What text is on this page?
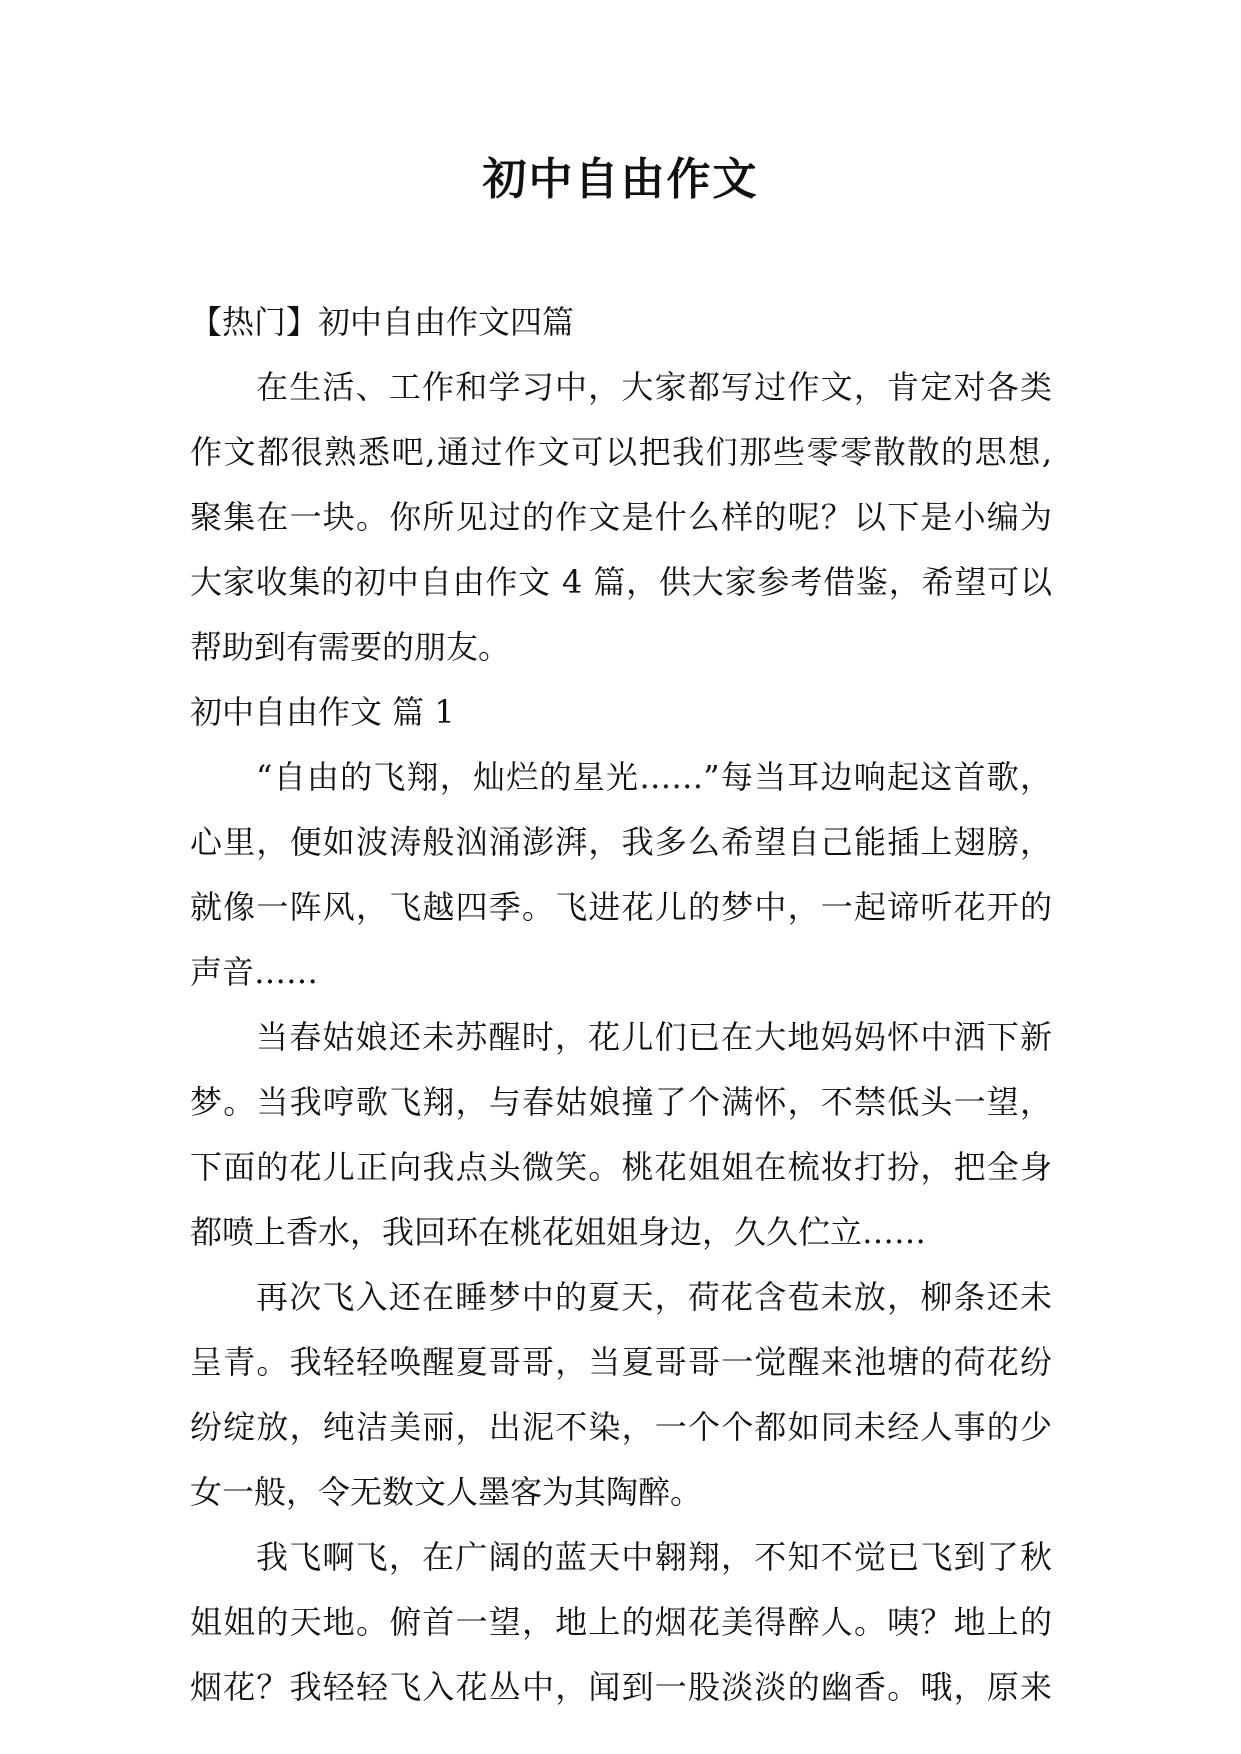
初中自由作文
【热门】初中自由作文四篇
在生活、工作和学习中，大家都写过作文，肯定对各类
作文都很熟悉吧,通过作文可以把我们那些零零散散的思想,
聚集在一块。你所见过的作文是什么样的呢？以下是小编为
大家收集的初中自由作文 4 篇，供大家参考借鉴，希望可以
帮助到有需要的朋友。
初中自由作文 篇 1
“自由的飞翔，灿烂的星光……”每当耳边响起这首歌，
心里，便如波涛般汹涌澎湃，我多么希望自己能插上翅膀，
就像一阵风，飞越四季。飞进花儿的梦中，一起谛听花开的
声音……
当春姑娘还未苏醒时，花儿们已在大地妈妈怀中洒下新
梦。当我哼歌飞翔，与春姑娘撞了个满怀，不禁低头一望，
下面的花儿正向我点头微笑。桃花姐姐在梳妆打扮，把全身
都喷上香水，我回环在桃花姐姐身边，久久伫立……
再次飞入还在睡梦中的夏天，荷花含苞未放，柳条还未
呈青。我轻轻唤醒夏哥哥，当夏哥哥一觉醒来池塘的荷花纷
纷绽放，纯洁美丽，出泥不染，一个个都如同未经人事的少
女一般，令无数文人墨客为其陶醉。
我飞啊飞，在广阔的蓝天中翱翔，不知不觉已飞到了秋
姐姐的天地。俯首一望，地上的烟花美得醉人。咦？地上的
烟花？我轻轻飞入花丛中，闻到一股淡淡的幽香。哦，原来
